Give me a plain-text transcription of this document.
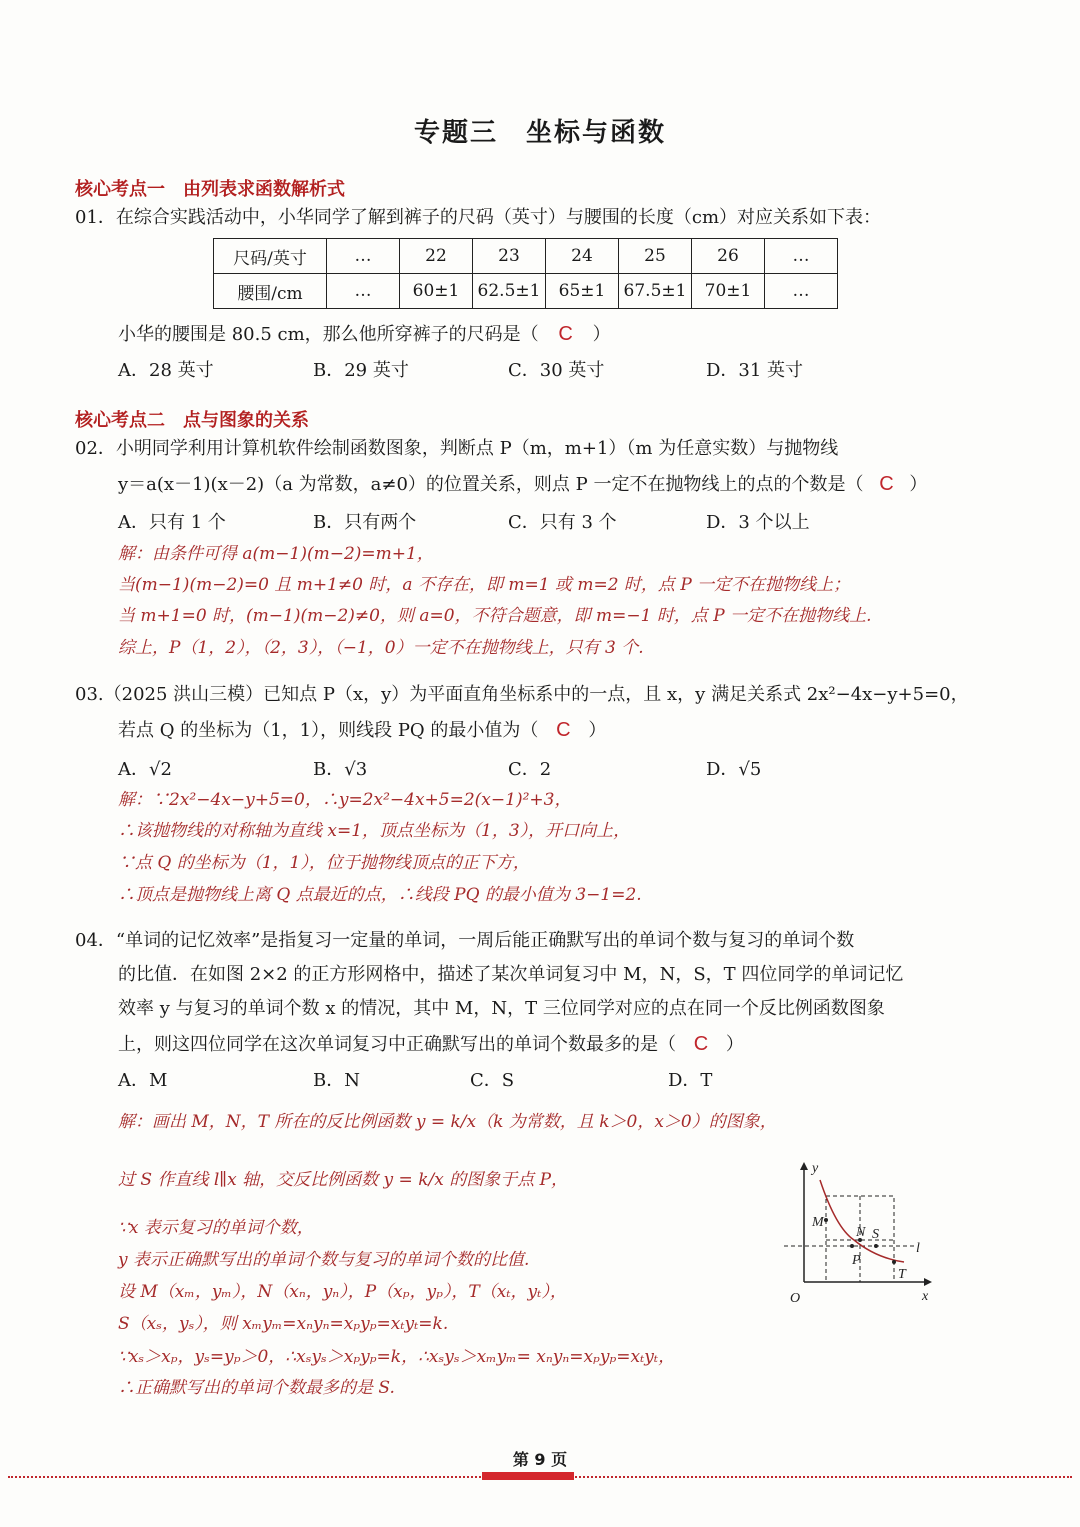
专题三　坐标与函数
核心考点一　由列表求函数解析式
01．在综合实践活动中，小华同学了解到裤子的尺码（英寸）与腰围的长度（cm）对应关系如下表：
尺码/英寸	…	22	23	24	25	26	…
腰围/cm	…	60±1	62.5±1	65±1	67.5±1	70±1	…
小华的腰围是 80.5 cm，那么他所穿裤子的尺码是（ C ）
A．28 英寸	B．29 英寸	C．30 英寸	D．31 英寸
核心考点二　点与图象的关系
02．小明同学利用计算机软件绘制函数图象，判断点 P（m，m+1）（m 为任意实数）与抛物线
y＝a(x－1)(x－2)（a 为常数，a≠0）的位置关系，则点 P 一定不在抛物线上的点的个数是（ C ）
A．只有 1 个	B．只有两个	C．只有 3 个	D．3 个以上
解：由条件可得 a(m−1)(m−2)=m+1，
当(m−1)(m−2)=0 且 m+1≠0 时，a 不存在，即 m=1 或 m=2 时，点 P 一定不在抛物线上；
当 m+1=0 时，(m−1)(m−2)≠0，则 a=0，不符合题意，即 m=−1 时，点 P 一定不在抛物线上.
综上，P（1，2），（2，3），（−1，0）一定不在抛物线上，只有 3 个.
03.（2025 洪山三模）已知点 P（x，y）为平面直角坐标系中的一点，且 x，y 满足关系式 2x²−4x−y+5=0，
若点 Q 的坐标为（1，1），则线段 PQ 的最小值为（ C ）
A．√2	B．√3	C．2	D．√5
解：∵2x²−4x−y+5=0，∴y=2x²−4x+5=2(x−1)²+3，
∴该抛物线的对称轴为直线 x=1，顶点坐标为（1，3），开口向上，
∵点 Q 的坐标为（1，1），位于抛物线顶点的正下方，
∴顶点是抛物线上离 Q 点最近的点，∴线段 PQ 的最小值为 3−1=2.
04．“单词的记忆效率”是指复习一定量的单词，一周后能正确默写出的单词个数与复习的单词个数
的比值．在如图 2×2 的正方形网格中，描述了某次单词复习中 M，N，S，T 四位同学的单词记忆
效率 y 与复习的单词个数 x 的情况，其中 M，N，T 三位同学对应的点在同一个反比例函数图象
上，则这四位同学在这次单词复习中正确默写出的单词个数最多的是（ C ）
A．M	B．N	C．S	D．T
解：画出 M，N，T 所在的反比例函数 y = k/x（k 为常数，且 k＞0，x＞0）的图象，
过 S 作直线 l∥x 轴，交反比例函数 y = k/x 的图象于点 P，
∵x 表示复习的单词个数，
y 表示正确默写出的单词个数与复习的单词个数的比值.
设 M（xₘ，yₘ），N（xₙ，yₙ），P（xₚ，yₚ），T（xₜ，yₜ），
S（xₛ，yₛ），则 xₘyₘ=xₙyₙ=xₚyₚ=xₜyₜ=k.
∵xₛ＞xₚ，yₛ=yₚ＞0，∴xₛyₛ＞xₚyₚ=k，∴xₛyₛ＞xₘyₘ= xₙyₙ=xₚyₚ=xₜyₜ，
∴正确默写出的单词个数最多的是 S.
y
x
O
M
N S
P
T
l
第 9 页
